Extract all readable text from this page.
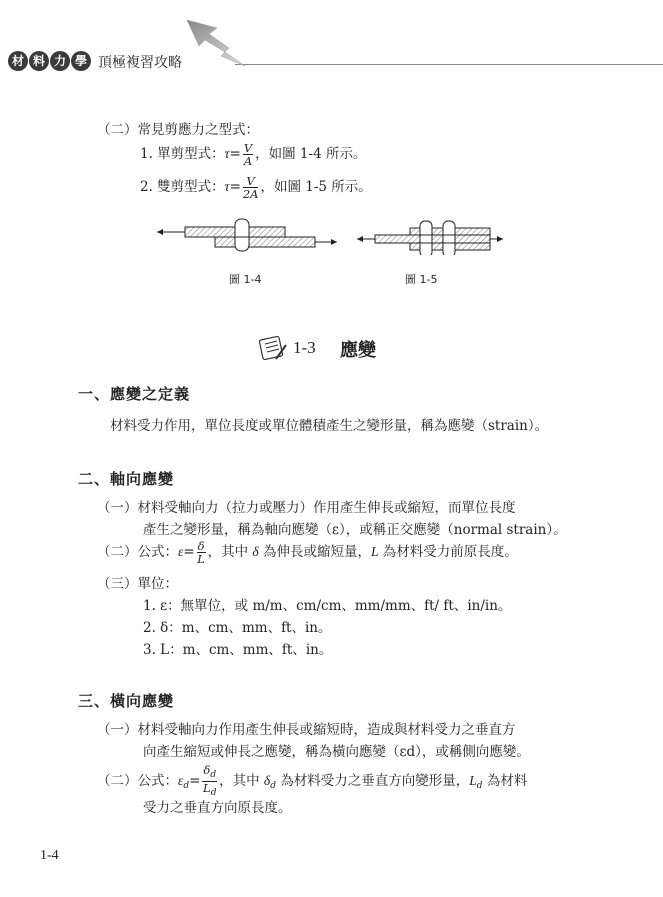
材 料 力 學 頂極複習攻略
（二）常見剪應力之型式：
1. 單剪型式：$\tau= \frac{V}{A}$ ，如圖 1-4 所示。
2. 雙剪型式：$\tau= \frac{V}{2A}$ ，如圖 1-5 所示。
圖 1-4	圖 1-5
1-3 應變
一、應變之定義
材料受力作用，單位長度或單位體積產生之變形量，稱為應變（strain）。
二、軸向應變
（一）材料受軸向力（拉力或壓力）作用產生伸長或縮短，而單位長度
產生之變形量，稱為軸向應變（ε），或稱正交應變（normal strain）。
（二）公式：$\varepsilon= \frac{\delta}{L}$ ，其中 δ 為伸長或縮短量，L 為材料受力前原長度。
（三）單位：
1. ε：無單位，或 m/m、cm/cm、mm/mm、ft/ ft、in/in。
2. δ：m、cm、mm、ft、in。
3. L：m、cm、mm、ft、in。
三、橫向應變
（一）材料受軸向力作用產生伸長或縮短時，造成與材料受力之垂直方
向產生縮短或伸長之應變，稱為橫向應變（εd），或稱側向應變。
（二）公式：$\varepsilon_d= \frac{\delta_d}{L_d}$ ，其中 $\delta_d$ 為材料受力之垂直方向變形量，$L_d$ 為材料
受力之垂直方向原長度。
1-4
